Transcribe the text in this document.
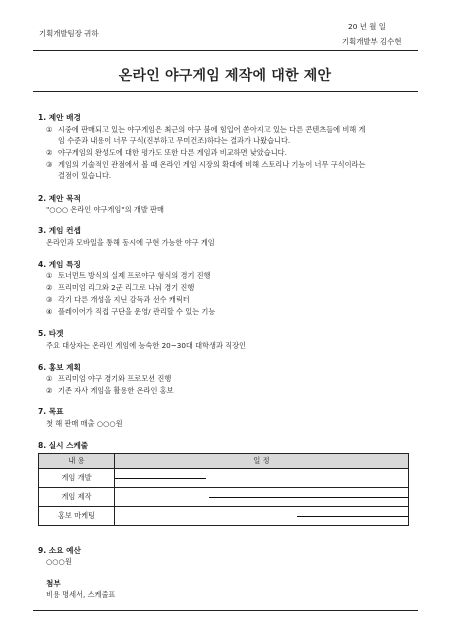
기획개발팀장 귀하
20 년 월 일
기획개발부 김수현
온라인 야구게임 제작에 대한 제안
1. 제안 배경
① 시중에 판매되고 있는 야구게임은 최근의 야구 붐에 힘입어 쏟아지고 있는 다른 콘텐츠들에 비해 게
임 수준과 내용이 너무 구식(진부하고 무미건조)하다는 결과가 나왔습니다.
② 야구게임의 완성도에 대한 평가도 또한 다른 게임과 비교하면 낮았습니다.
③ 게임의 기술적인 관점에서 볼 때 온라인 게임 시장의 확대에 비해 스토리나 기능이 너무 구식이라는
결점이 있습니다.
2. 제안 목적
"○○○ 온라인 야구게임"의 개발 판매
3. 게임 컨셉
온라인과 모바일을 통해 동시에 구현 가능한 야구 게임
4. 게임 특징
① 토너먼트 방식의 실제 프로야구 형식의 경기 진행
② 프리미엄 리그와 2군 리그로 나눠 경기 진행
③ 각기 다른 개성을 지닌 감독과 선수 캐릭터
④ 플레이어가 직접 구단을 운영/ 관리할 수 있는 기능
5. 타겟
주요 대상자는 온라인 게임에 능숙한 20~30대 대학생과 직장인
6. 홍보 계획
① 프리미엄 야구 경기와 프로모션 진행
② 기존 자사 게임을 활용한 온라인 홍보
7. 목표
첫 해 판매 매출 ○○○원
8. 실시 스케줄
내 용	일 정
게임 개발	

게임 제작	

홍보 마케팅	
9. 소요 예산
○○○원
첨부
비용 명세서, 스케줄표
